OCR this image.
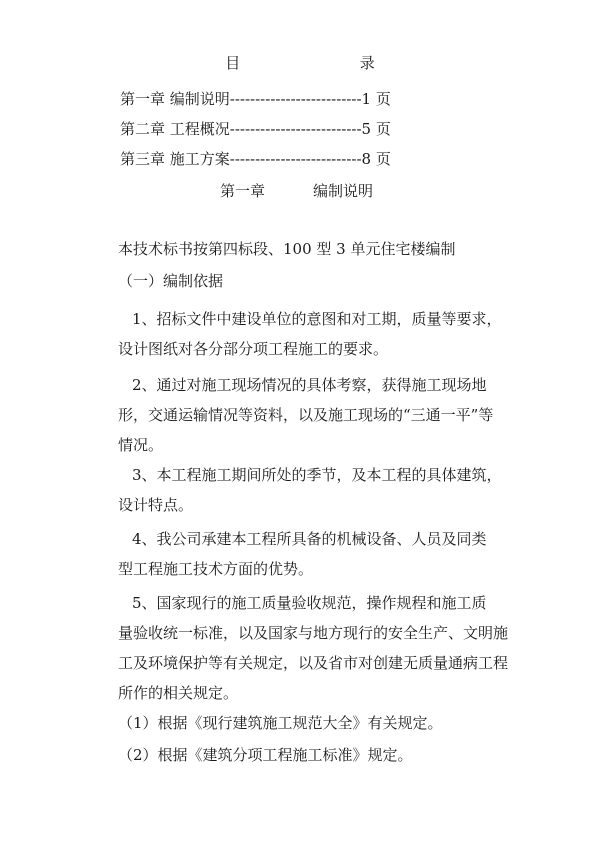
目	录
第一章 编制说明--------------------------1 页
第二章 工程概况--------------------------5 页
第三章 施工方案--------------------------8 页
第一章	编制说明
本技术标书按第四标段、100 型 3 单元住宅楼编制
（一）编制依据
1、招标文件中建设单位的意图和对工期，质量等要求，
设计图纸对各分部分项工程施工的要求。
2、通过对施工现场情况的具体考察，获得施工现场地
形，交通运输情况等资料，以及施工现场的“三通一平”等
情况。
3、本工程施工期间所处的季节，及本工程的具体建筑，
设计特点。
4、我公司承建本工程所具备的机械设备、人员及同类
型工程施工技术方面的优势。
5、国家现行的施工质量验收规范，操作规程和施工质
量验收统一标准，以及国家与地方现行的安全生产、文明施
工及环境保护等有关规定，以及省市对创建无质量通病工程
所作的相关规定。
（1）根据《现行建筑施工规范大全》有关规定。
（2）根据《建筑分项工程施工标准》规定。
